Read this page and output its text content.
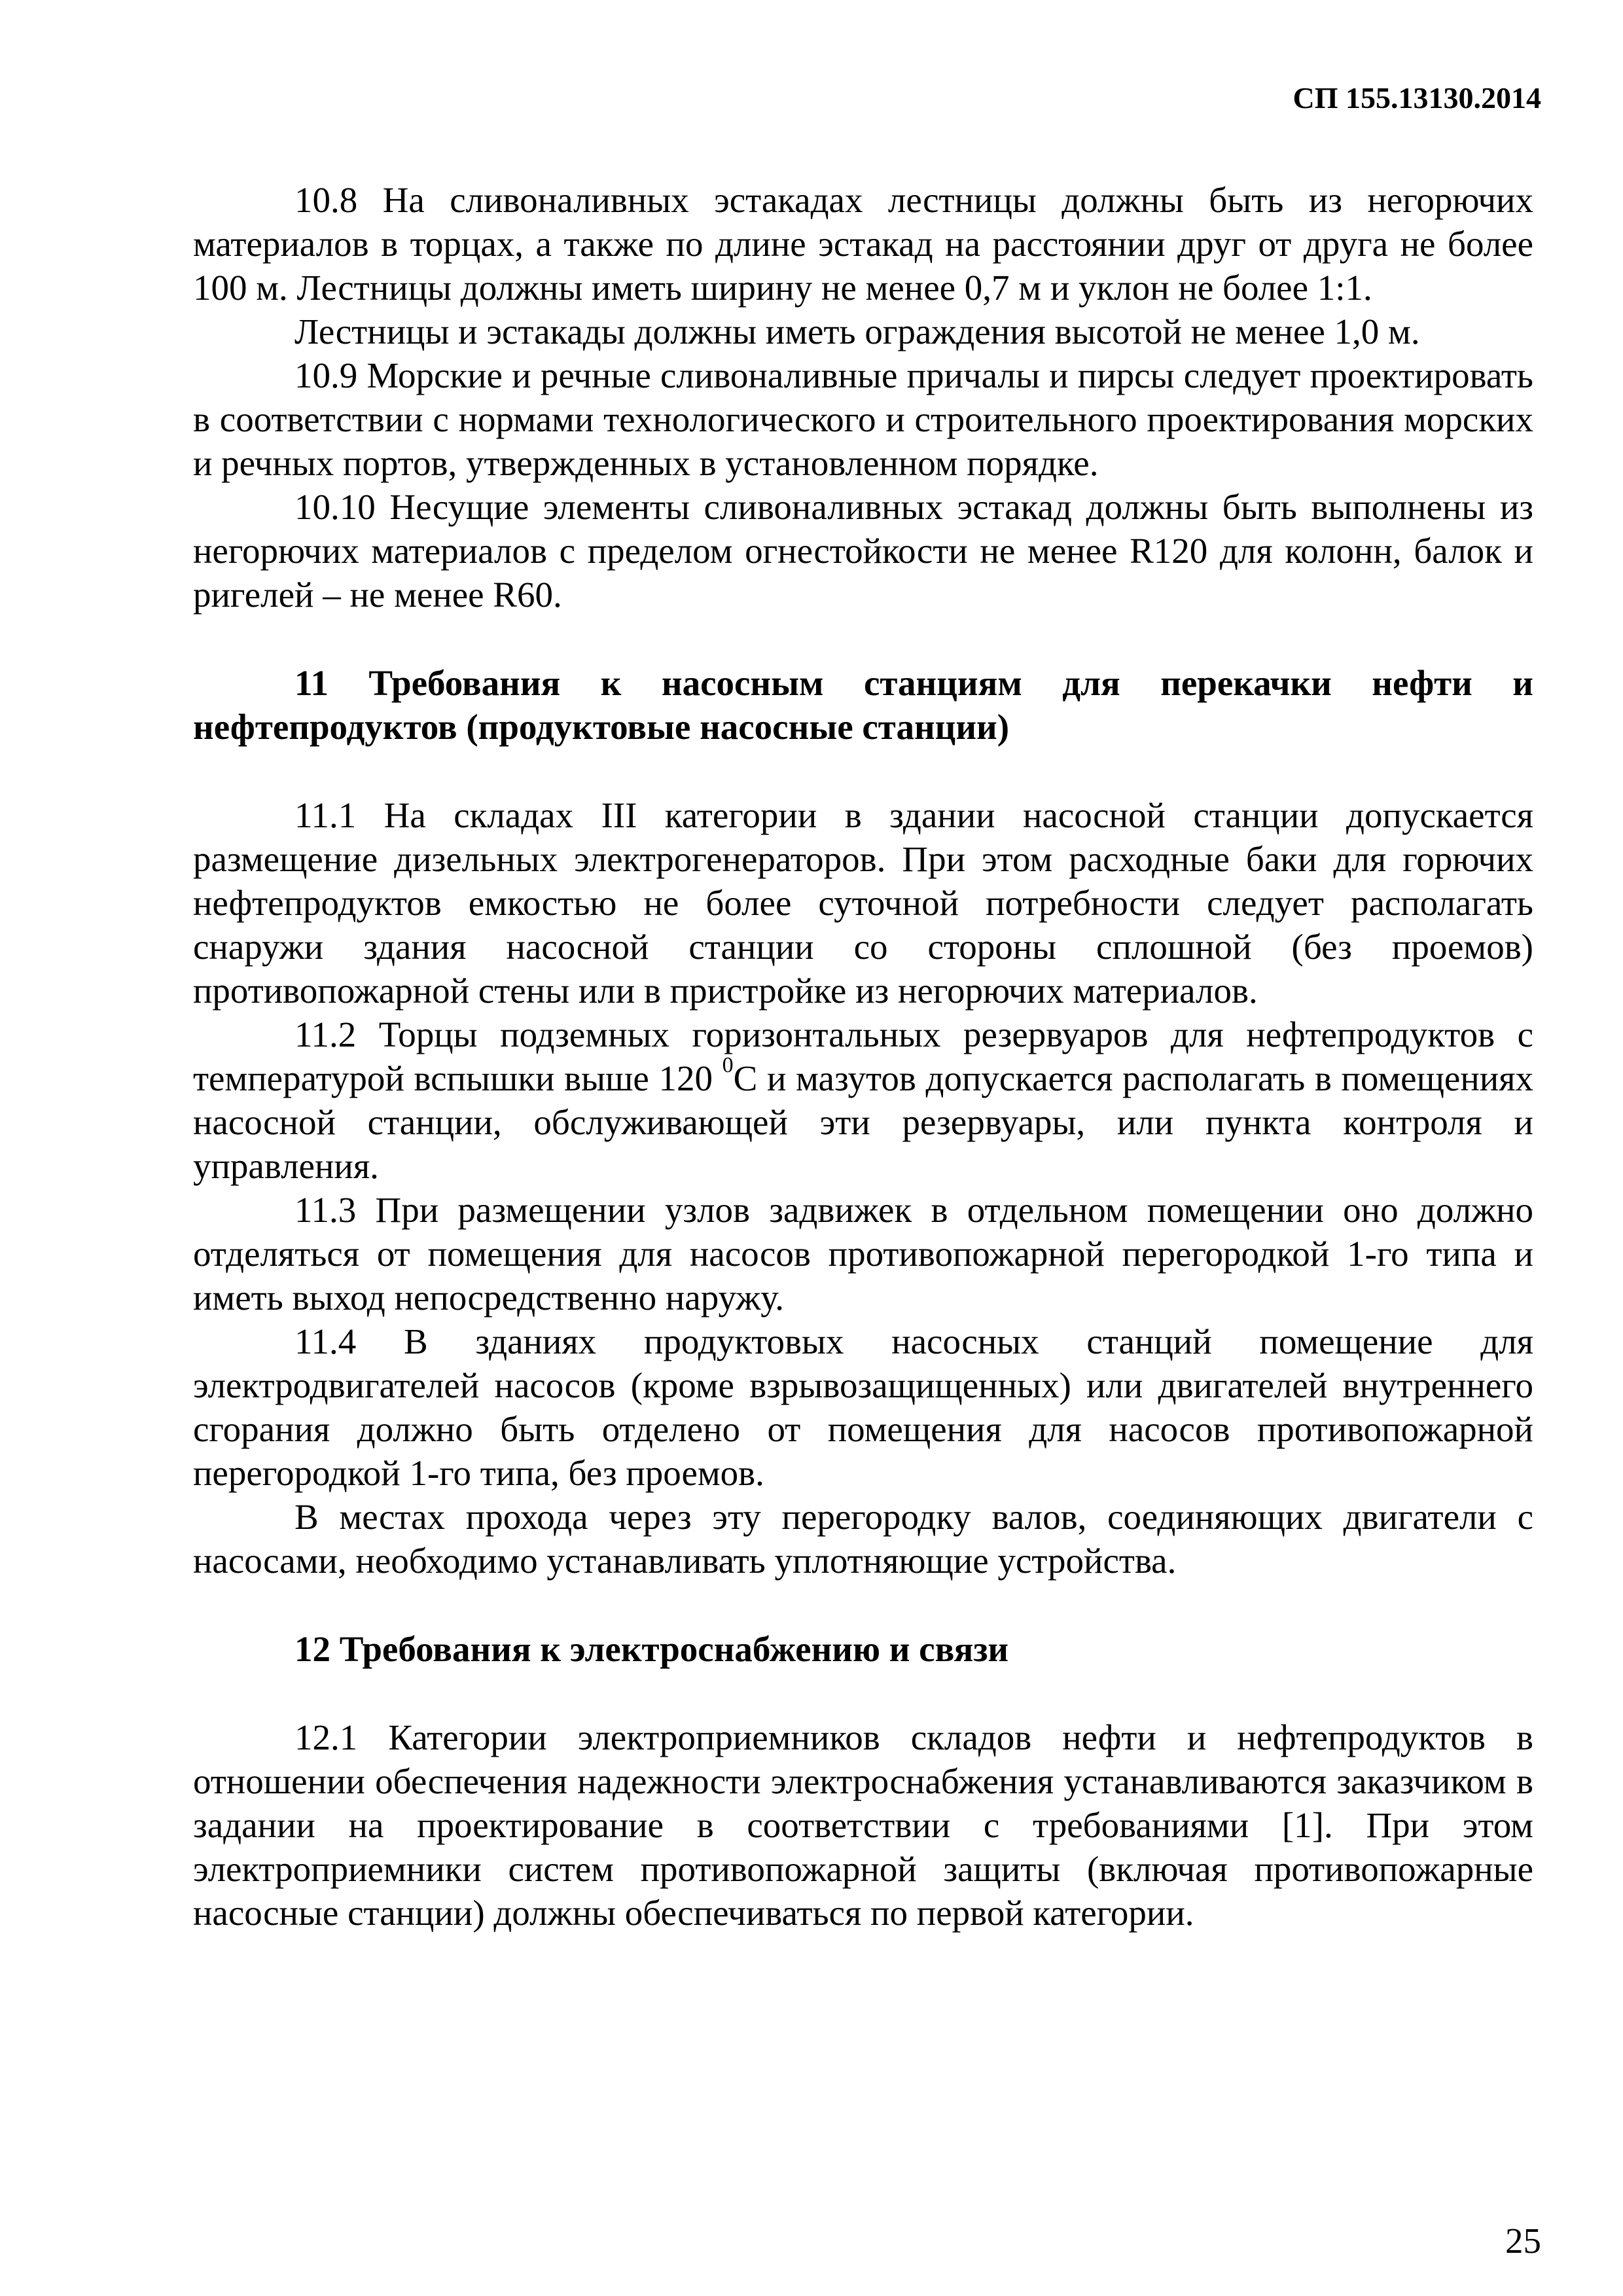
СП 155.13130.2014

10.8 На сливоналивных эстакадах лестницы должны быть из негорючих материалов в торцах, а также по длине эстакад на расстоянии друг от друга не более 100 м. Лестницы должны иметь ширину не менее 0,7 м и уклон не более 1:1.

Лестницы и эстакады должны иметь ограждения высотой не менее 1,0 м.

10.9 Морские и речные сливоналивные причалы и пирсы следует проектировать в соответствии с нормами технологического и строительного проектирования морских и речных портов, утвержденных в установленном порядке.

10.10 Несущие элементы сливоналивных эстакад должны быть выполнены из негорючих материалов с пределом огнестойкости не менее R120 для колонн, балок и ригелей – не менее R60.

11 Требования к насосным станциям для перекачки нефти и нефтепродуктов (продуктовые насосные станции)

11.1 На складах III категории в здании насосной станции допускается размещение дизельных электрогенераторов. При этом расходные баки для горючих нефтепродуктов емкостью не более суточной потребности следует располагать снаружи здания насосной станции со стороны сплошной (без проемов) противопожарной стены или в пристройке из негорючих материалов.

11.2 Торцы подземных горизонтальных резервуаров для нефтепродуктов с температурой вспышки выше 120 $^0$С и мазутов допускается располагать в помещениях насосной станции, обслуживающей эти резервуары, или пункта контроля и управления.

11.3 При размещении узлов задвижек в отдельном помещении оно должно отделяться от помещения для насосов противопожарной перегородкой 1-го типа и иметь выход непосредственно наружу.

11.4 В зданиях продуктовых насосных станций помещение для электродвигателей насосов (кроме взрывозащищенных) или двигателей внутреннего сгорания должно быть отделено от помещения для насосов противопожарной перегородкой 1-го типа, без проемов.

В местах прохода через эту перегородку валов, соединяющих двигатели с насосами, необходимо устанавливать уплотняющие устройства.

12 Требования к электроснабжению и связи

12.1 Категории электроприемников складов нефти и нефтепродуктов в отношении обеспечения надежности электроснабжения устанавливаются заказчиком в задании на проектирование в соответствии с требованиями [1]. При этом электроприемники систем противопожарной защиты (включая противопожарные насосные станции) должны обеспечиваться по первой категории.

25
